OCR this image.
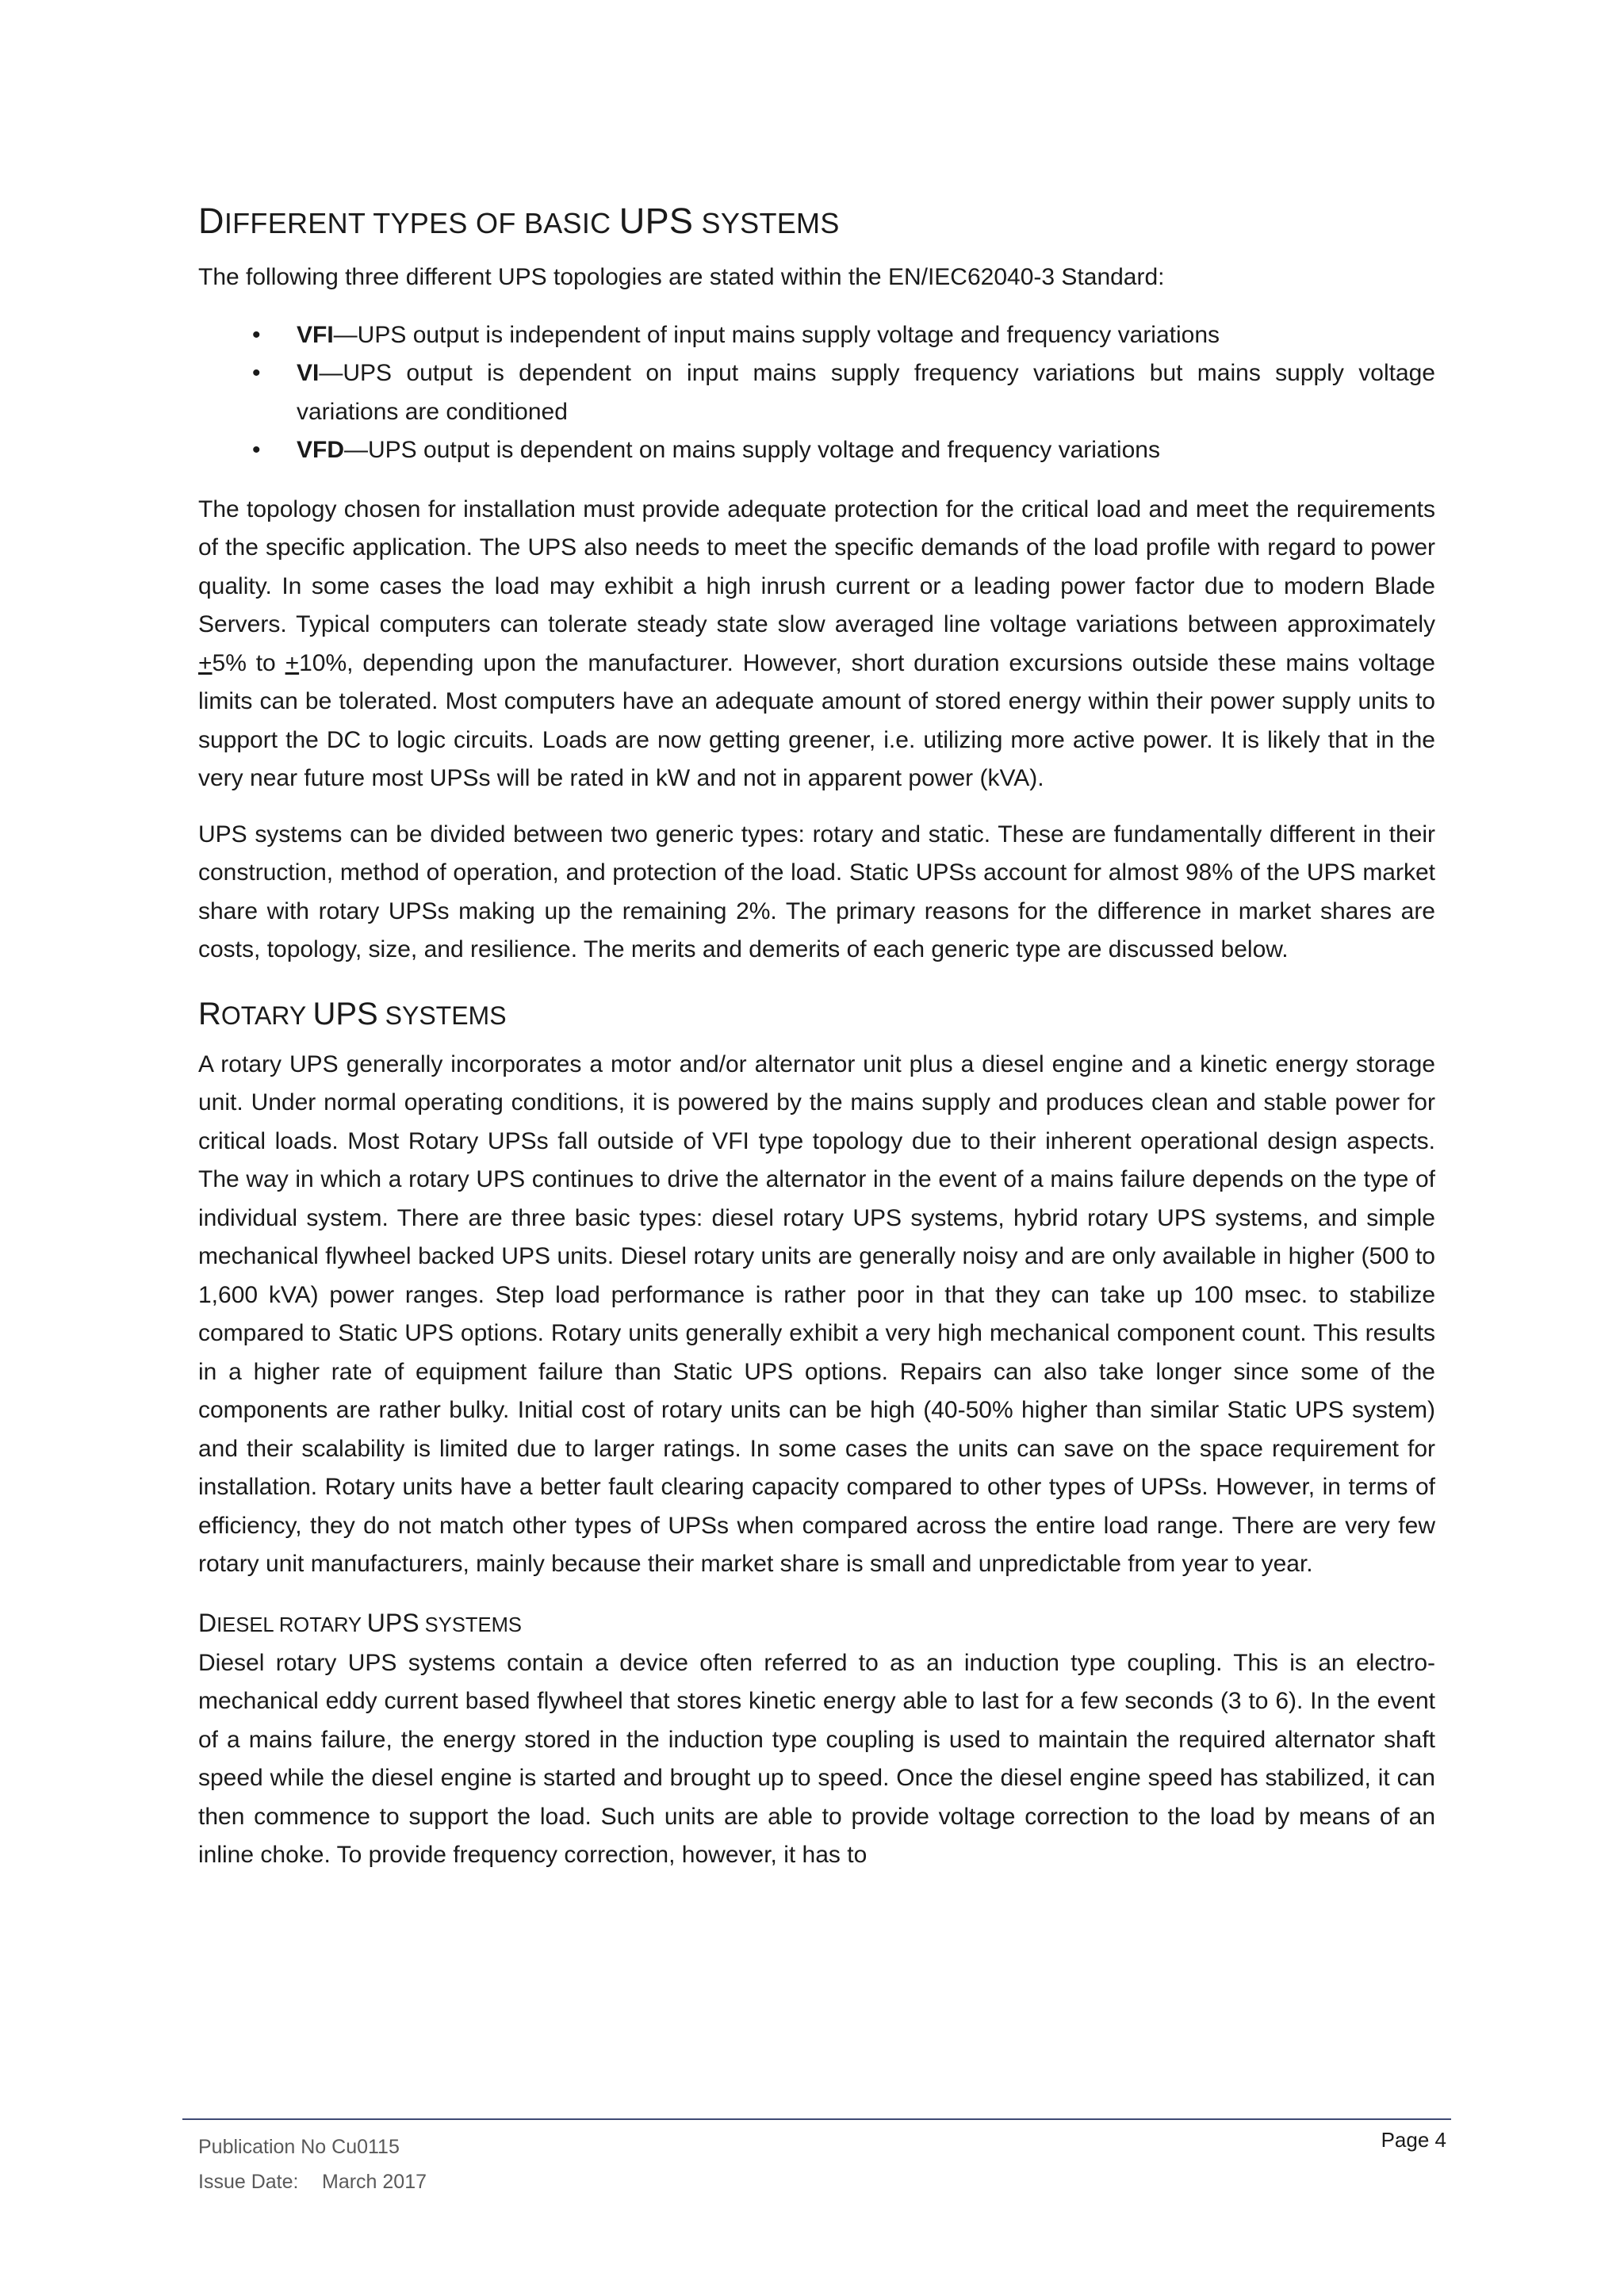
DIFFERENT TYPES OF BASIC UPS SYSTEMS

The following three different UPS topologies are stated within the EN/IEC62040-3 Standard:

• VFI—UPS output is independent of input mains supply voltage and frequency variations
• VI—UPS output is dependent on input mains supply frequency variations but mains supply voltage variations are conditioned
• VFD—UPS output is dependent on mains supply voltage and frequency variations

The topology chosen for installation must provide adequate protection for the critical load and meet the requirements of the specific application. The UPS also needs to meet the specific demands of the load profile with regard to power quality. In some cases the load may exhibit a high inrush current or a leading power factor due to modern Blade Servers. Typical computers can tolerate steady state slow averaged line voltage variations between approximately +5% to +10%, depending upon the manufacturer. However, short duration excursions outside these mains voltage limits can be tolerated. Most computers have an adequate amount of stored energy within their power supply units to support the DC to logic circuits. Loads are now getting greener, i.e. utilizing more active power. It is likely that in the very near future most UPSs will be rated in kW and not in apparent power (kVA).

UPS systems can be divided between two generic types: rotary and static. These are fundamentally different in their construction, method of operation, and protection of the load. Static UPSs account for almost 98% of the UPS market share with rotary UPSs making up the remaining 2%. The primary reasons for the difference in market shares are costs, topology, size, and resilience. The merits and demerits of each generic type are discussed below.

ROTARY UPS SYSTEMS

A rotary UPS generally incorporates a motor and/or alternator unit plus a diesel engine and a kinetic energy storage unit. Under normal operating conditions, it is powered by the mains supply and produces clean and stable power for critical loads. Most Rotary UPSs fall outside of VFI type topology due to their inherent operational design aspects. The way in which a rotary UPS continues to drive the alternator in the event of a mains failure depends on the type of individual system. There are three basic types: diesel rotary UPS systems, hybrid rotary UPS systems, and simple mechanical flywheel backed UPS units. Diesel rotary units are generally noisy and are only available in higher (500 to 1,600 kVA) power ranges. Step load performance is rather poor in that they can take up 100 msec. to stabilize compared to Static UPS options. Rotary units generally exhibit a very high mechanical component count. This results in a higher rate of equipment failure than Static UPS options. Repairs can also take longer since some of the components are rather bulky. Initial cost of rotary units can be high (40-50% higher than similar Static UPS system) and their scalability is limited due to larger ratings. In some cases the units can save on the space requirement for installation. Rotary units have a better fault clearing capacity compared to other types of UPSs. However, in terms of efficiency, they do not match other types of UPSs when compared across the entire load range. There are very few rotary unit manufacturers, mainly because their market share is small and unpredictable from year to year.

DIESEL ROTARY UPS SYSTEMS

Diesel rotary UPS systems contain a device often referred to as an induction type coupling. This is an electro-mechanical eddy current based flywheel that stores kinetic energy able to last for a few seconds (3 to 6). In the event of a mains failure, the energy stored in the induction type coupling is used to maintain the required alternator shaft speed while the diesel engine is started and brought up to speed. Once the diesel engine speed has stabilized, it can then commence to support the load. Such units are able to provide voltage correction to the load by means of an inline choke. To provide frequency correction, however, it has to

Publication No Cu0115
Issue Date: March 2017
Page 4
